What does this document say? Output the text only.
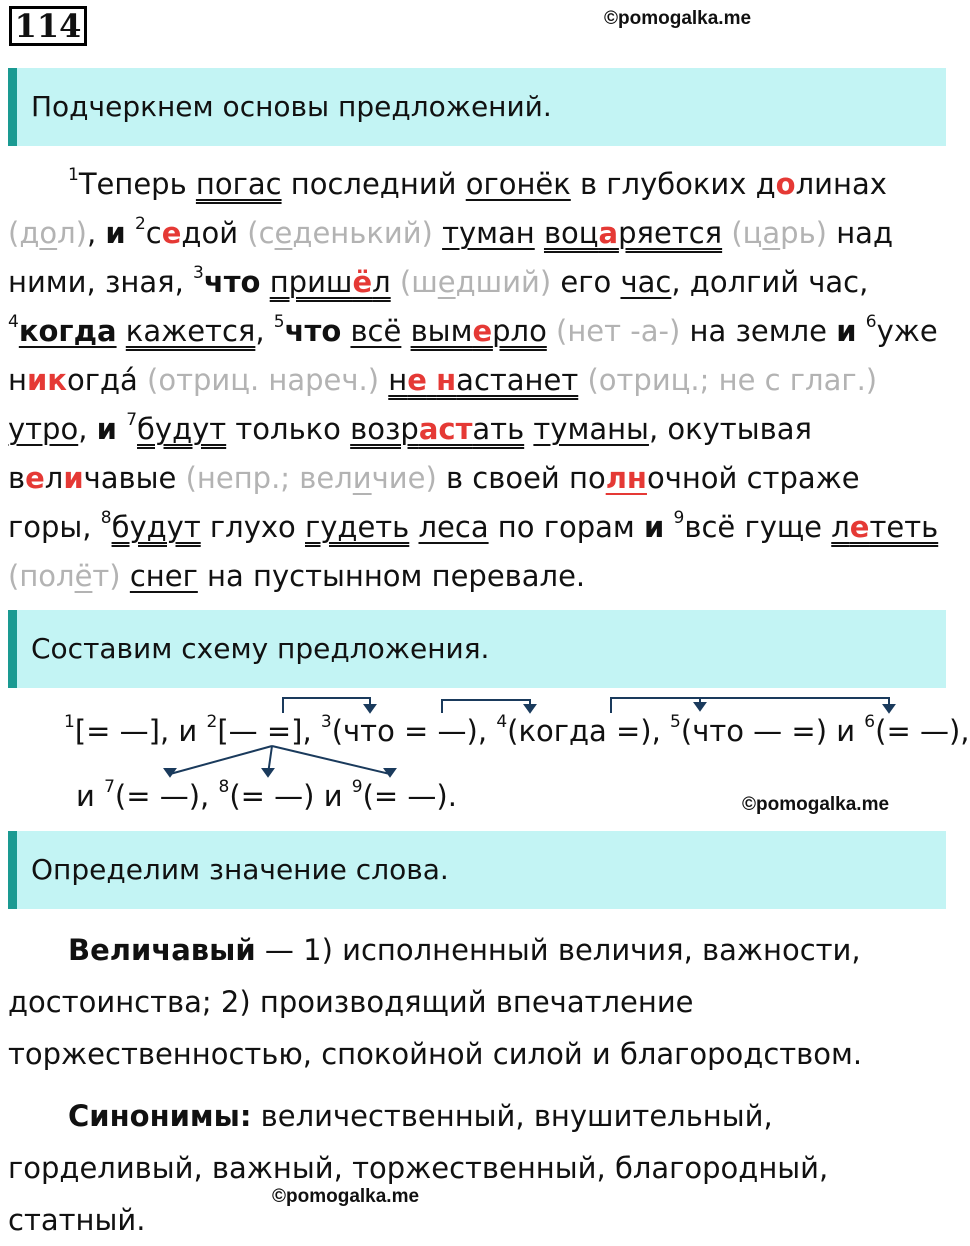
114	©pomogalka.me
Подчеркнем основы предложений.

$^1$Теперь погас последний огонёк в глубоких долинах (дол), и $^2$седой (седенький) туман воцаряется (царь) над ними, зная, $^3$что пришёл (шедший) его час, долгий час, $^4$когда кажется, $^5$что всё вымерло (нет -а-) на земле и $^6$уже никогдá (отриц. нареч.) не настанет (отриц.; не с глаг.) утро, и $^7$будут только возрастать туманы, окутывая величавые (непр.; величие) в своей полночной страже горы, $^8$будут глухо гудеть леса по горам и $^9$всё гуще лететь (полёт) снег на пустынном перевале.

Составим схему предложения.
$^1$[= —], и $^2$[— =], $^3$(что = —), $^4$(когда =), $^5$(что — =) и $^6$(= —),
и $^7$(= —), $^8$(= —) и $^9$(= —).	©pomogalka.me
Определим значение слова.

Величавый — 1) исполненный величия, важности, достоинства; 2) производящий впечатление торжественностью, спокойной силой и благородством.

Синонимы: величественный, внушительный, горделивый, важный, торжественный, благородный, статный.

©pomogalka.me
